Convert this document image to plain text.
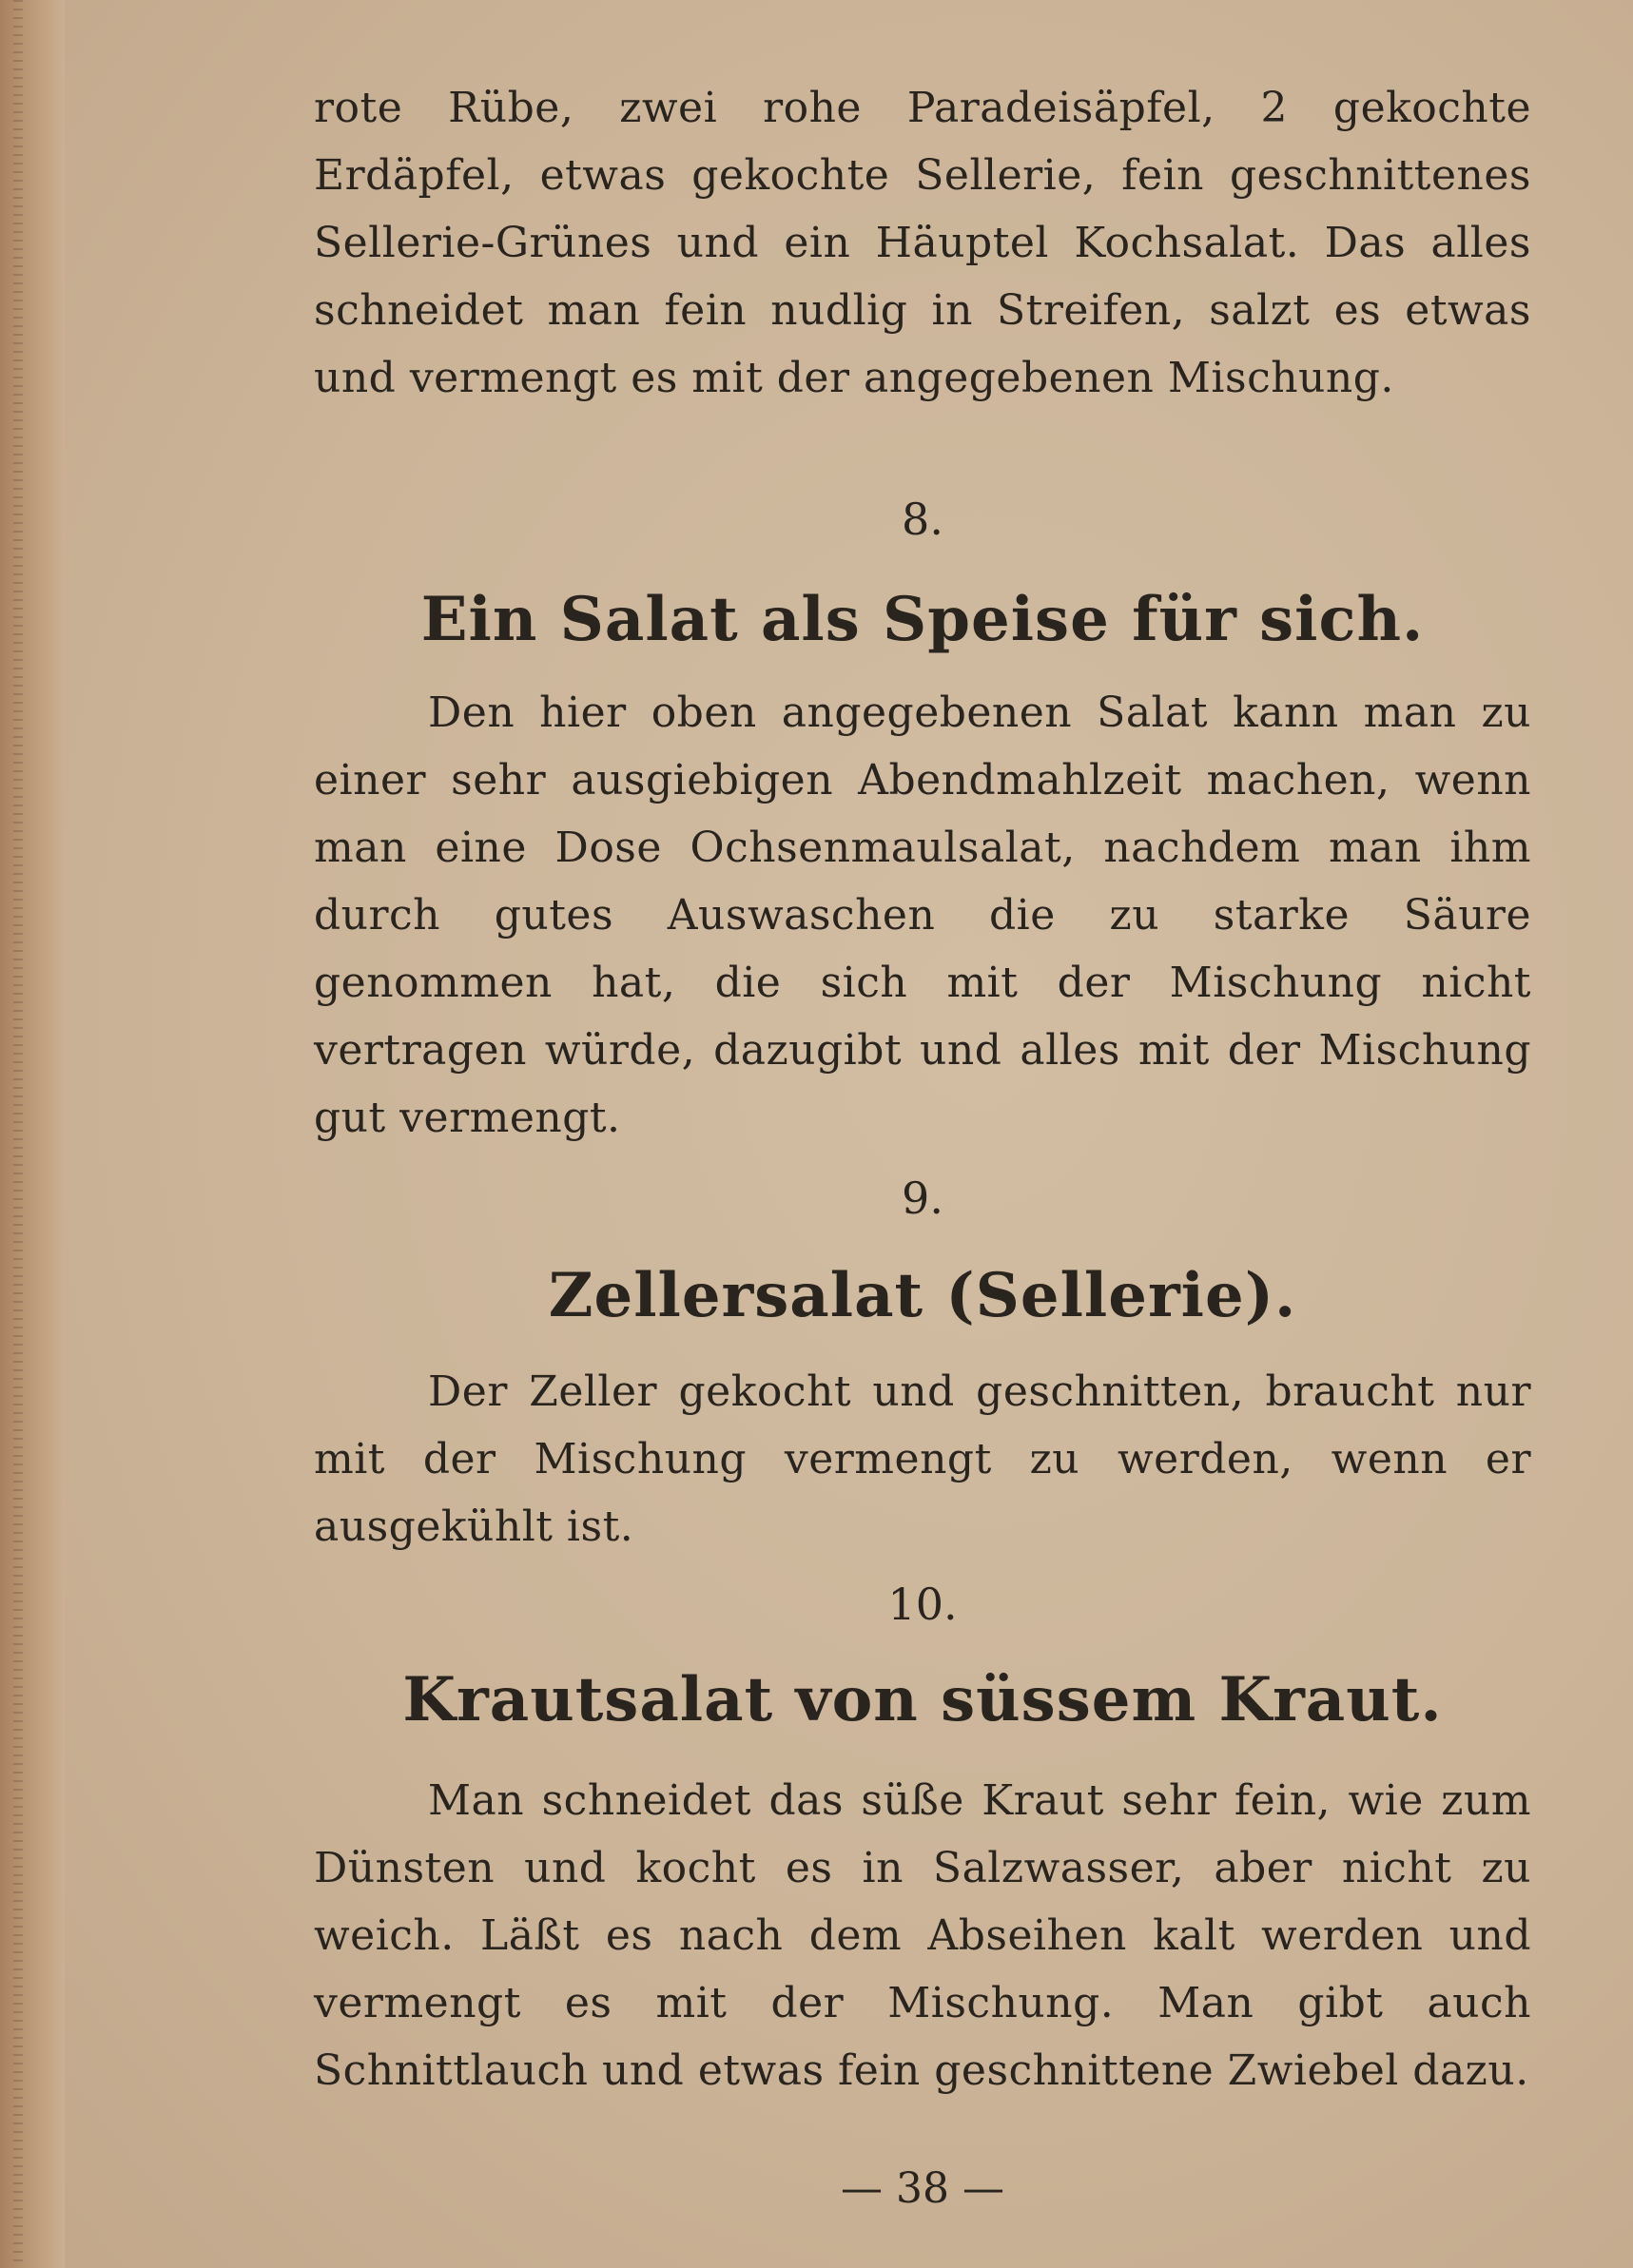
rote Rübe, zwei rohe Paradeisäpfel, 2 gekochte Erdäpfel, etwas gekochte Sellerie, fein geschnittenes Sellerie-Grünes und ein Häuptel Kochsalat. Das alles schneidet man fein nudlig in Streifen, salzt es etwas und vermengt es mit der angegebenen Mischung.

8.
Ein Salat als Speise für sich.

Den hier oben angegebenen Salat kann man zu einer sehr ausgiebigen Abendmahlzeit machen, wenn man eine Dose Ochsenmaulsalat, nachdem man ihm durch gutes Auswaschen die zu starke Säure genommen hat, die sich mit der Mischung nicht vertragen würde, dazugibt und alles mit der Mischung gut vermengt.

9.
Zellersalat (Sellerie).

Der Zeller gekocht und geschnitten, braucht nur mit der Mischung vermengt zu werden, wenn er ausgekühlt ist.

10.
Krautsalat von süssem Kraut.

Man schneidet das süße Kraut sehr fein, wie zum Dünsten und kocht es in Salzwasser, aber nicht zu weich. Läßt es nach dem Abseihen kalt werden und vermengt es mit der Mischung. Man gibt auch Schnittlauch und etwas fein geschnittene Zwiebel dazu.

— 38 —
